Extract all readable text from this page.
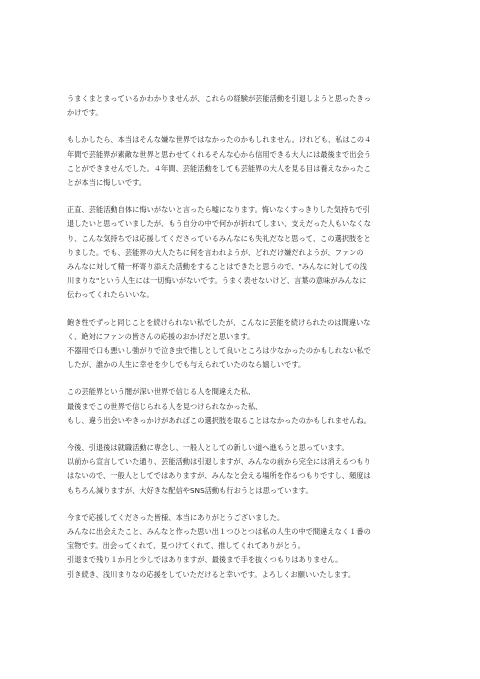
うまくまとまっているかわかりませんが、これらの経験が芸能活動を引退しようと思ったきっ
かけです。
もしかしたら、本当はそんな嫌な世界ではなかったのかもしれません。けれども、私はこの４
年間で芸能界が素敵な世界と思わせてくれるそんな心から信用できる大人には最後まで出会う
ことができませんでした。４年間、芸能活動をしても芸能界の大人を見る目は養えなかったこ
とが本当に悔しいです。
正直、芸能活動自体に悔いがないと言ったら嘘になります。悔いなくすっきりした気持ちで引
退したいと思っていましたが、もう自分の中で何かが折れてしまい、支えだった人もいなくな
り、こんな気持ちでは応援してくださっているみんなにも失礼だなと思って、この選択肢をと
りました。でも、芸能界の大人たちに何を言われようが、どれだけ嫌だれようが、ファンの
みんなに対して精一杯寄り添えた活動をすることはできたと思うので、"みんなに対しての浅
川まりな"という人生には一切悔いがないです。うまく表せないけど、言葉の意味がみんなに
伝わってくれたらいいな。
飽き性でずっと同じことを続けられない私でしたが、こんなに芸能を続けられたのは間違いな
く、絶対にファンの皆さんの応援のおかげだと思います。
不器用で口も悪いし強がりで泣き虫で推しとして良いところは少なかったのかもしれない私で
したが、誰かの人生に幸せを少しでも与えられていたのなら嬉しいです。
この芸能界という闇が深い世界で信じる人を間違えた私、
最後までこの世界で信じられる人を見つけられなかった私、
もし、違う出会いやきっかけがあればこの選択肢を取ることはなかったのかもしれませんね。
今後、引退後は就職活動に専念し、一般人としての新しい道へ進もうと思っています。
以前から宣言していた通り、芸能活動は引退しますが、みんなの前から完全には消えるつもり
はないので、一般人としてではありますが、みんなと会える場所を作るつもりですし、頻度は
もちろん減りますが、大好きな配信やSNS活動も行おうとは思っています。
今まで応援してくださった皆様、本当にありがとうございました。
みんなに出会えたこと、みんなと作った思い出１つひとつは私の人生の中で間違えなく１番の
宝物です。出会ってくれて、見つけてくれて、推してくれてありがとう。
引退まで残り１か月と少しではありますが、最後まで手を抜くつもりはありません。
引き続き、浅川まりなの応援をしていただけると幸いです。よろしくお願いいたします。
